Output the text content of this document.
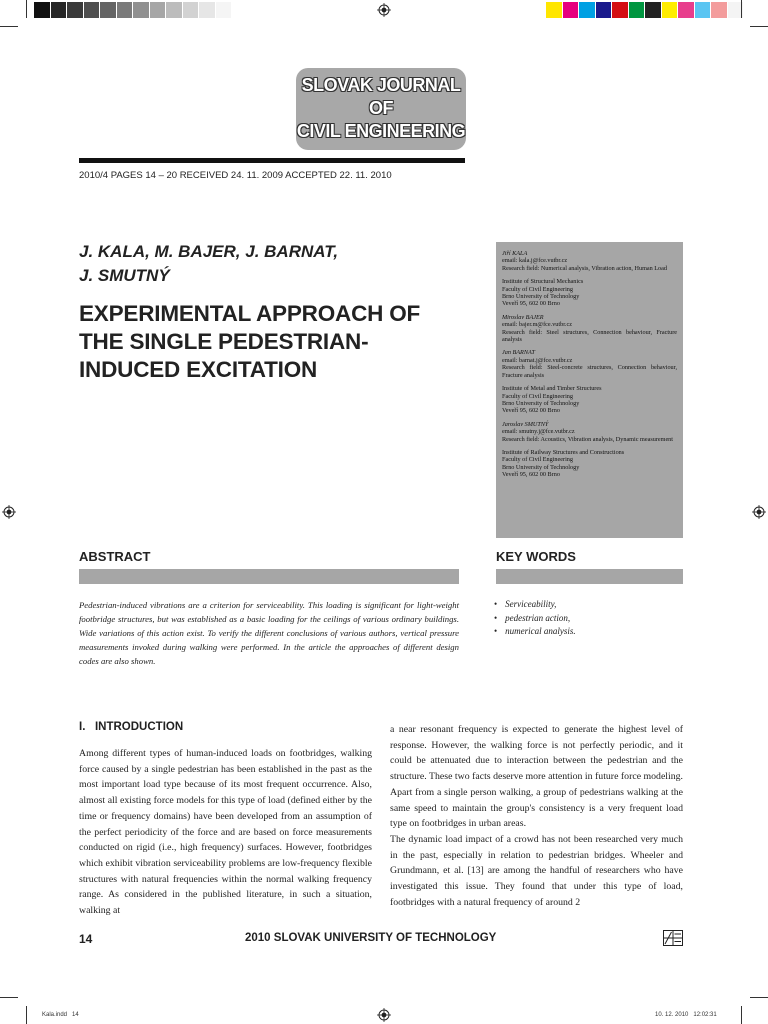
SLOVAK JOURNAL
OF
CIVIL ENGINEERING
2010/4 PAGES 14 – 20 RECEIVED 24. 11. 2009 ACCEPTED 22. 11. 2010
J. KALA, M. BAJER, J. BARNAT,
J. SMUTNÝ
EXPERIMENTAL APPROACH OF
THE SINGLE PEDESTRIAN-
INDUCED EXCITATION
Jiří KALA
email: kala.j@fce.vutbr.cz
Research field: Numerical analysis, Vibration action, Human Load
Institute of Structural Mechanics
Faculty of Civil Engineering
Brno University of Technology
Veveří 95, 602 00 Brno
Miroslav BAJER
email: bajer.m@fce.vutbr.cz
Research field: Steel structures, Connection behaviour, Fracture analysis
Jan BARNAT
email: barnat.j@fce.vutbr.cz
Research field: Steel-concrete structures, Connection behaviour, Fracture analysis
Institute of Metal and Timber Structures
Faculty of Civil Engineering
Brno University of Technology
Veveří 95, 602 00 Brno
Jaroslav SMUTNÝ
email: smutny.j@fce.vutbr.cz
Research field: Acoustics, Vibration analysis, Dynamic measurement
Institute of Railway Structures and Constructions
Faculty of Civil Engineering
Brno University of Technology
Veveří 95, 602 00 Brno
ABSTRACT	KEY WORDS
Pedestrian-induced vibrations are a criterion for serviceability. This loading is significant for light-weight footbridge structures, but was established as a basic loading for the ceilings of various ordinary buildings. Wide variations of this action exist. To verify the different conclusions of various authors, vertical pressure measurements invoked during walking were performed. In the article the approaches of different design codes are also shown.
• Serviceability,
• pedestrian action,
• numerical analysis.
I.   INTRODUCTION
Among different types of human-induced loads on footbridges, walking force caused by a single pedestrian has been established in the past as the most important load type because of its most frequent occurrence. Also, almost all existing force models for this type of load (defined either by the time or frequency domains) have been developed from an assumption of the perfect periodicity of the force and are based on force measurements conducted on rigid (i.e., high frequency) surfaces. However, footbridges which exhibit vibration serviceability problems are low-frequency flexible structures with natural frequencies within the normal walking frequency range. As considered in the published literature, in such a situation, walking at
a near resonant frequency is expected to generate the highest level of response. However, the walking force is not perfectly periodic, and it could be attenuated due to interaction between the pedestrian and the structure. These two facts deserve more attention in future force modeling. Apart from a single person walking, a group of pedestrians walking at the same speed to maintain the group's consistency is a very frequent load type on footbridges in urban areas.
The dynamic load impact of a crowd has not been researched very much in the past, especially in relation to pedestrian bridges. Wheeler and Grundmann, et al. [13] are among the handful of researchers who have investigated this issue. They found that under this type of load, footbridges with a natural frequency of around 2
14	2010 SLOVAK UNIVERSITY OF TECHNOLOGY
Kala.indd   14	10. 12. 2010   12:02:31
